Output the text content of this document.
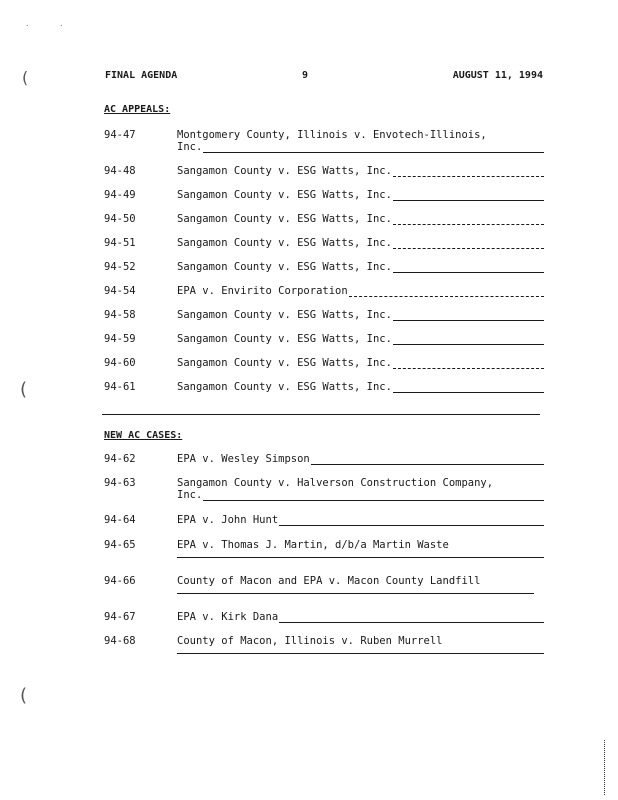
.	.
(
(
(
FINAL AGENDA	9	AUGUST 11, 1994
AC APPEALS:
94-47	Montgomery County, Illinois v. Envotech-Illinois,
Inc.
94-48	Sangamon County v. ESG Watts, Inc.
94-49	Sangamon County v. ESG Watts, Inc.
94-50	Sangamon County v. ESG Watts, Inc.
94-51	Sangamon County v. ESG Watts, Inc.
94-52	Sangamon County v. ESG Watts, Inc.
94-54	EPA v. Envirito Corporation
94-58	Sangamon County v. ESG Watts, Inc.
94-59	Sangamon County v. ESG Watts, Inc.
94-60	Sangamon County v. ESG Watts, Inc.
94-61	Sangamon County v. ESG Watts, Inc.
NEW AC CASES:
94-62	EPA v. Wesley Simpson
94-63	Sangamon County v. Halverson Construction Company,
Inc.
94-64	EPA v. John Hunt
94-65	EPA v. Thomas J. Martin, d/b/a Martin Waste
94-66	County of Macon and EPA v. Macon County Landfill
94-67	EPA v. Kirk Dana
94-68	County of Macon, Illinois v. Ruben Murrell
